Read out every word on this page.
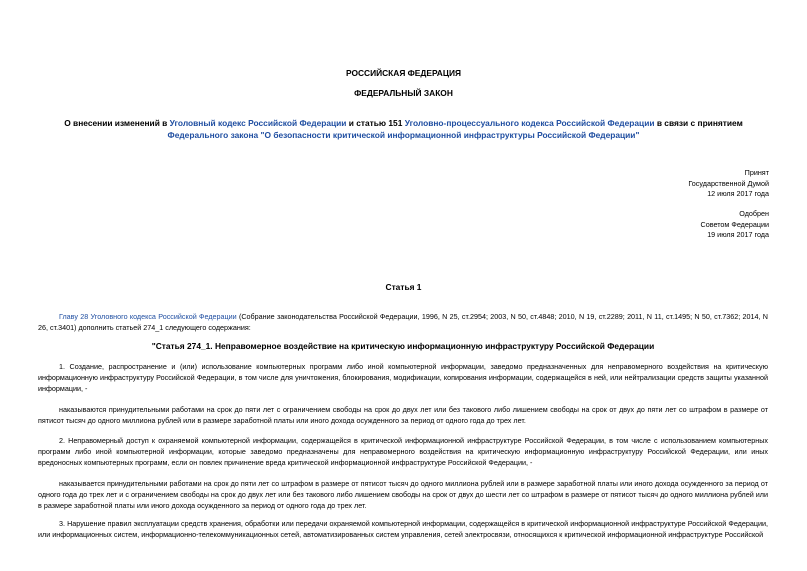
РОССИЙСКАЯ ФЕДЕРАЦИЯ
ФЕДЕРАЛЬНЫЙ ЗАКОН
О внесении изменений в Уголовный кодекс Российской Федерации и статью 151 Уголовно-процессуального кодекса Российской Федерации в связи с принятием
Федерального закона "О безопасности критической информационной инфраструктуры Российской Федерации"
Принят
Государственной Думой
12 июля 2017 года
Одобрен
Советом Федерации
19 июля 2017 года
Статья 1

Главу 28 Уголовного кодекса Российской Федерации (Собрание законодательства Российской Федерации, 1996, N 25, ст.2954; 2003, N 50, ст.4848; 2010, N 19, ст.2289; 2011, N 11, ст.1495; N 50, ст.7362; 2014, N 26, ст.3401) дополнить статьей 274_1 следующего содержания:

"Статья 274_1. Неправомерное воздействие на критическую информационную инфраструктуру Российской Федерации

1. Создание, распространение и (или) использование компьютерных программ либо иной компьютерной информации, заведомо предназначенных для неправомерного воздействия на критическую информационную инфраструктуру Российской Федерации, в том числе для уничтожения, блокирования, модификации, копирования информации, содержащейся в ней, или нейтрализации средств защиты указанной информации, -

наказываются принудительными работами на срок до пяти лет с ограничением свободы на срок до двух лет или без такового либо лишением свободы на срок от двух до пяти лет со штрафом в размере от пятисот тысяч до одного миллиона рублей или в размере заработной платы или иного дохода осужденного за период от одного года до трех лет.

2. Неправомерный доступ к охраняемой компьютерной информации, содержащейся в критической информационной инфраструктуре Российской Федерации, в том числе с использованием компьютерных программ либо иной компьютерной информации, которые заведомо предназначены для неправомерного воздействия на критическую информационную инфраструктуру Российской Федерации, или иных вредоносных компьютерных программ, если он повлек причинение вреда критической информационной инфраструктуре Российской Федерации, -

наказывается принудительными работами на срок до пяти лет со штрафом в размере от пятисот тысяч до одного миллиона рублей или в размере заработной платы или иного дохода осужденного за период от одного года до трех лет и с ограничением свободы на срок до двух лет или без такового либо лишением свободы на срок от двух до шести лет со штрафом в размере от пятисот тысяч до одного миллиона рублей или в размере заработной платы или иного дохода осужденного за период от одного года до трех лет.

3. Нарушение правил эксплуатации средств хранения, обработки или передачи охраняемой компьютерной информации, содержащейся в критической информационной инфраструктуре Российской Федерации, или информационных систем, информационно-телекоммуникационных сетей, автоматизированных систем управления, сетей электросвязи, относящихся к критической информационной инфраструктуре Российской
